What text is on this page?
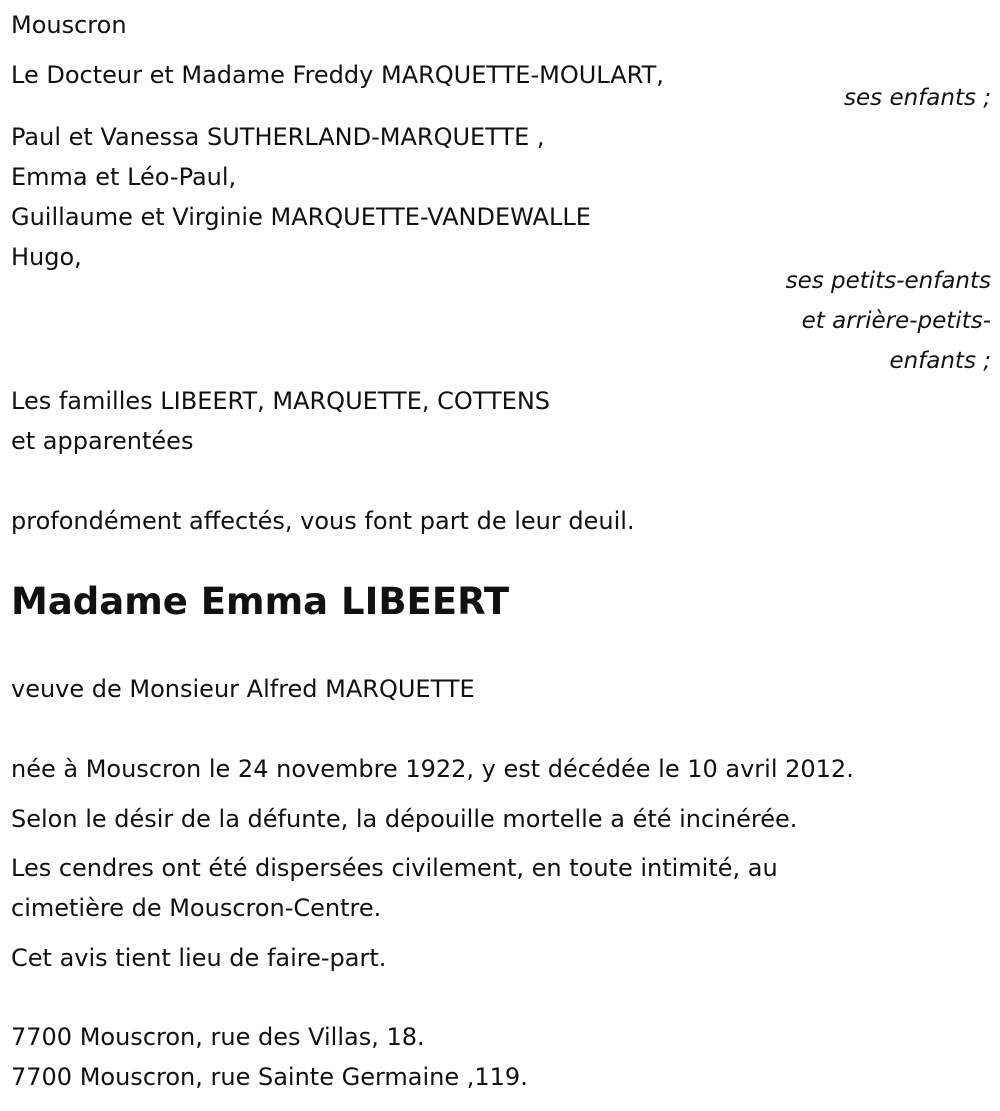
Mouscron
Le Docteur et Madame Freddy MARQUETTE-MOULART,
ses enfants ;
Paul et Vanessa SUTHERLAND-MARQUETTE ,
Emma et Léo-Paul,
Guillaume et Virginie MARQUETTE-VANDEWALLE
Hugo,
ses petits-enfants
et arrière-petits-
enfants ;
Les familles LIBEERT, MARQUETTE, COTTENS
et apparentées
profondément affectés, vous font part de leur deuil.
Madame Emma LIBEERT
veuve de Monsieur Alfred MARQUETTE
née à Mouscron le 24 novembre 1922, y est décédée le 10 avril 2012.
Selon le désir de la défunte, la dépouille mortelle a été incinérée.
Les cendres ont été dispersées civilement, en toute intimité, au
cimetière de Mouscron-Centre.
Cet avis tient lieu de faire-part.
7700 Mouscron, rue des Villas, 18.
7700 Mouscron, rue Sainte Germaine ,119.
